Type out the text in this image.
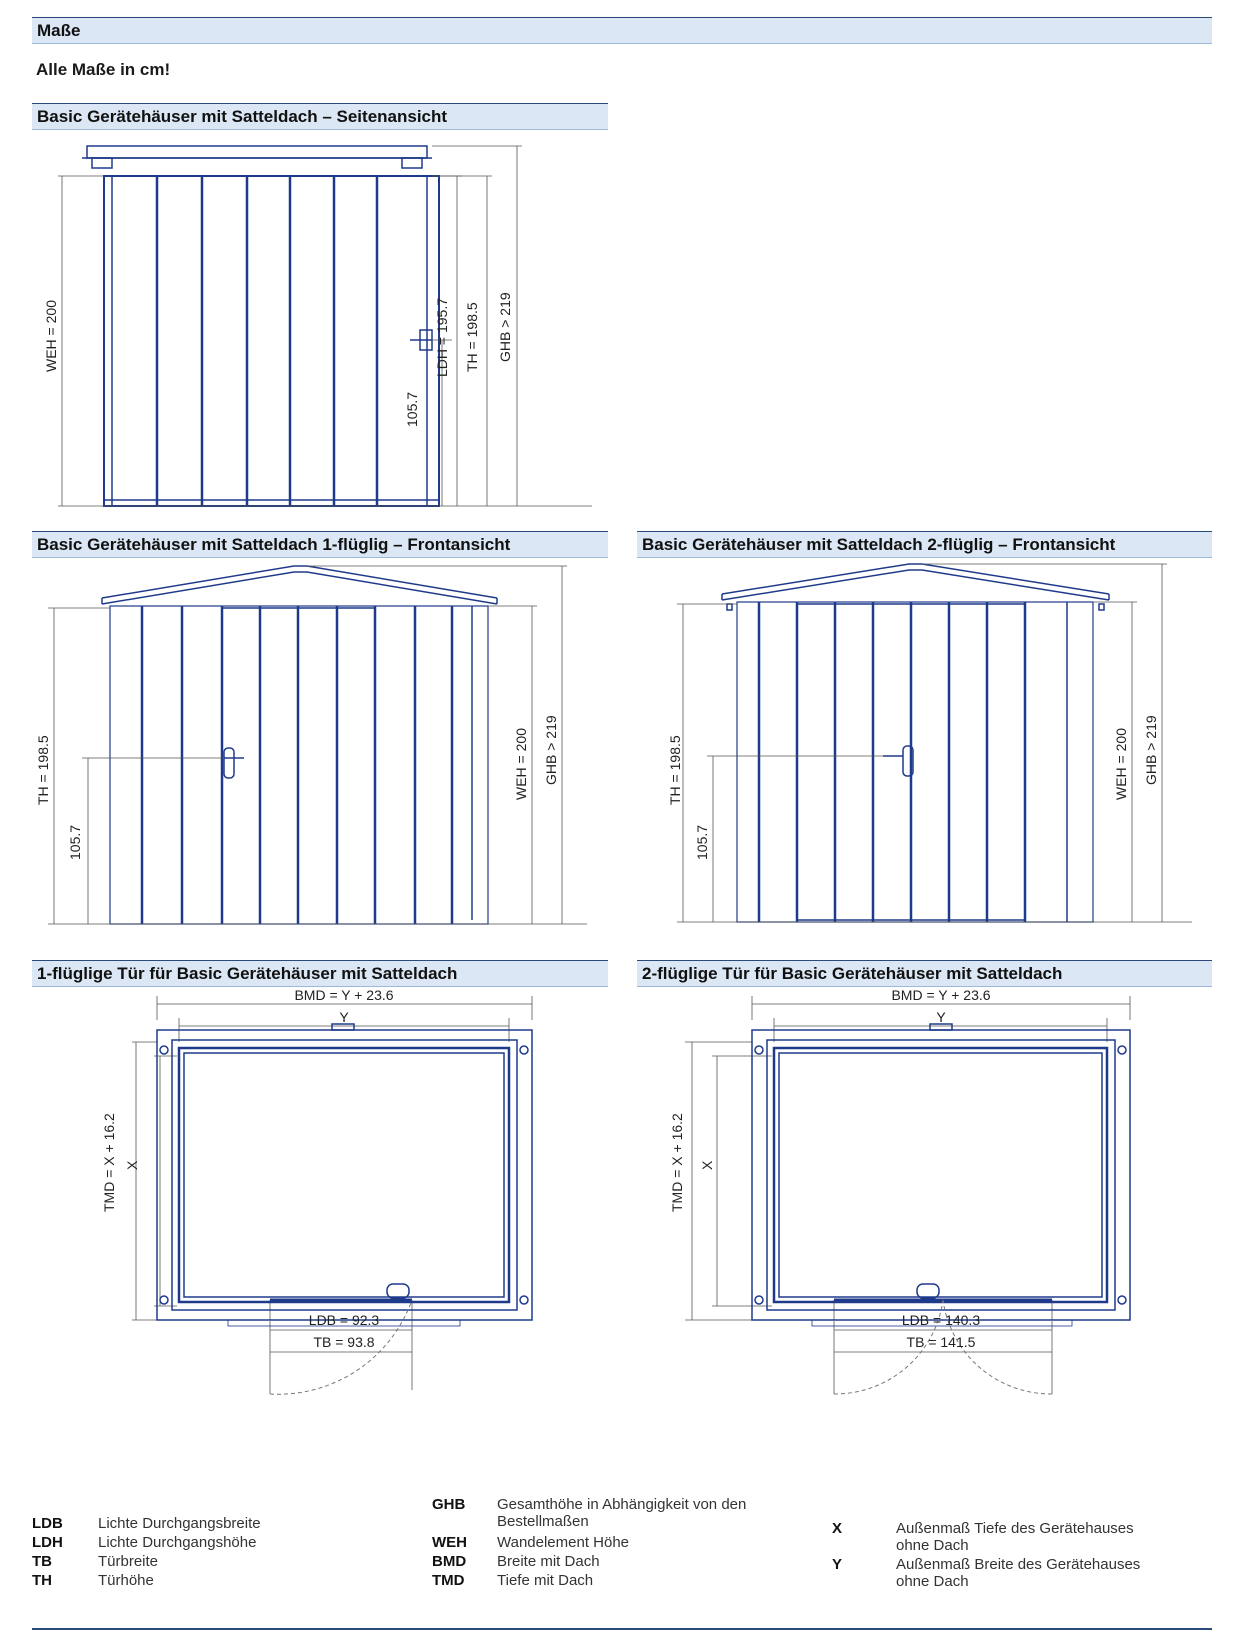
Maße
Alle Maße in cm!
Basic Gerätehäuser mit Satteldach – Seitenansicht
Basic Gerätehäuser mit Satteldach 1-flüglig – Frontansicht	Basic Gerätehäuser mit Satteldach 2-flüglig – Frontansicht
1-flüglige Tür für Basic Gerätehäuser mit Satteldach	2-flüglige Tür für Basic Gerätehäuser mit Satteldach
WEH = 200
105.7
LDH = 195.7 TH = 198.5 GHB > 219
TH = 198.5
105.7
WEH = 200 GHB > 219	TH = 198.5
105.7
WEH = 200 GHB > 219
BMD = Y + 23.6
Y
TMD = X + 16.2 X
LDB = 92.3
TB = 93.8
BMD = Y + 23.6
Y
TMD = X + 16.2 X
LDB = 140.3
TB = 141.5
LDB Lichte Durchgangsbreite
LDH Lichte Durchgangshöhe
TB	Türbreite
TH	Türhöhe
GHB Gesamthöhe in Abhängigkeit von den Bestellmaßen
WEH Wandelement Höhe
BMD Breite mit Dach
TMD Tiefe mit Dach
X	Außenmaß Tiefe des Gerätehauses ohne Dach
Y	Außenmaß Breite des Gerätehauses ohne Dach
